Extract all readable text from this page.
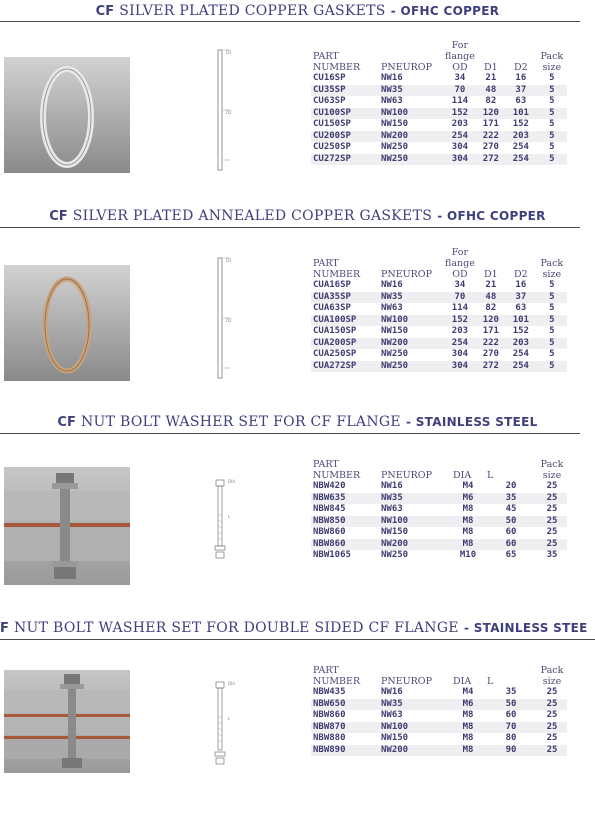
CF SILVER PLATED COPPER GASKETS - OFHC COPPER
D1
D2
PART NUMBER	PNEUROP	For flange OD	D1	D2	Pack size
CU16SP	NW16	34	21	16	5
CU35SP	NW35	70	48	37	5
CU63SP	NW63	114	82	63	5
CU100SP	NW100	152	120	101	5
CU150SP	NW150	203	171	152	5
CU200SP	NW200	254	222	203	5
CU250SP	NW250	304	270	254	5
CU272SP	NW250	304	272	254	5
CF SILVER PLATED ANNEALED COPPER GASKETS - OFHC COPPER
D1
D2
PART NUMBER	PNEUROP	For flange OD	D1	D2	Pack size
CUA16SP	NW16	34	21	16	5
CUA35SP	NW35	70	48	37	5
CUA63SP	NW63	114	82	63	5
CUA100SP	NW100	152	120	101	5
CUA150SP	NW150	203	171	152	5
CUA200SP	NW200	254	222	203	5
CUA250SP	NW250	304	270	254	5
CUA272SP	NW250	304	272	254	5
CF NUT BOLT WASHER SET FOR CF FLANGE - STAINLESS STEEL
DIA
L
PART NUMBER	PNEUROP	DIA	L	Pack size
NBW420	NW16	M4	20	25
NBW635	NW35	M6	35	25
NBW845	NW63	M8	45	25
NBW850	NW100	M8	50	25
NBW860	NW150	M8	60	25
NBW860	NW200	M8	60	25
NBW1065	NW250	M10	65	35
F NUT BOLT WASHER SET FOR DOUBLE SIDED CF FLANGE - STAINLESS STEE
DIA
L
PART NUMBER	PNEUROP	DIA	L	Pack size
NBW435	NW16	M4	35	25
NBW650	NW35	M6	50	25
NBW860	NW63	M8	60	25
NBW870	NW100	M8	70	25
NBW880	NW150	M8	80	25
NBW890	NW200	M8	90	25
